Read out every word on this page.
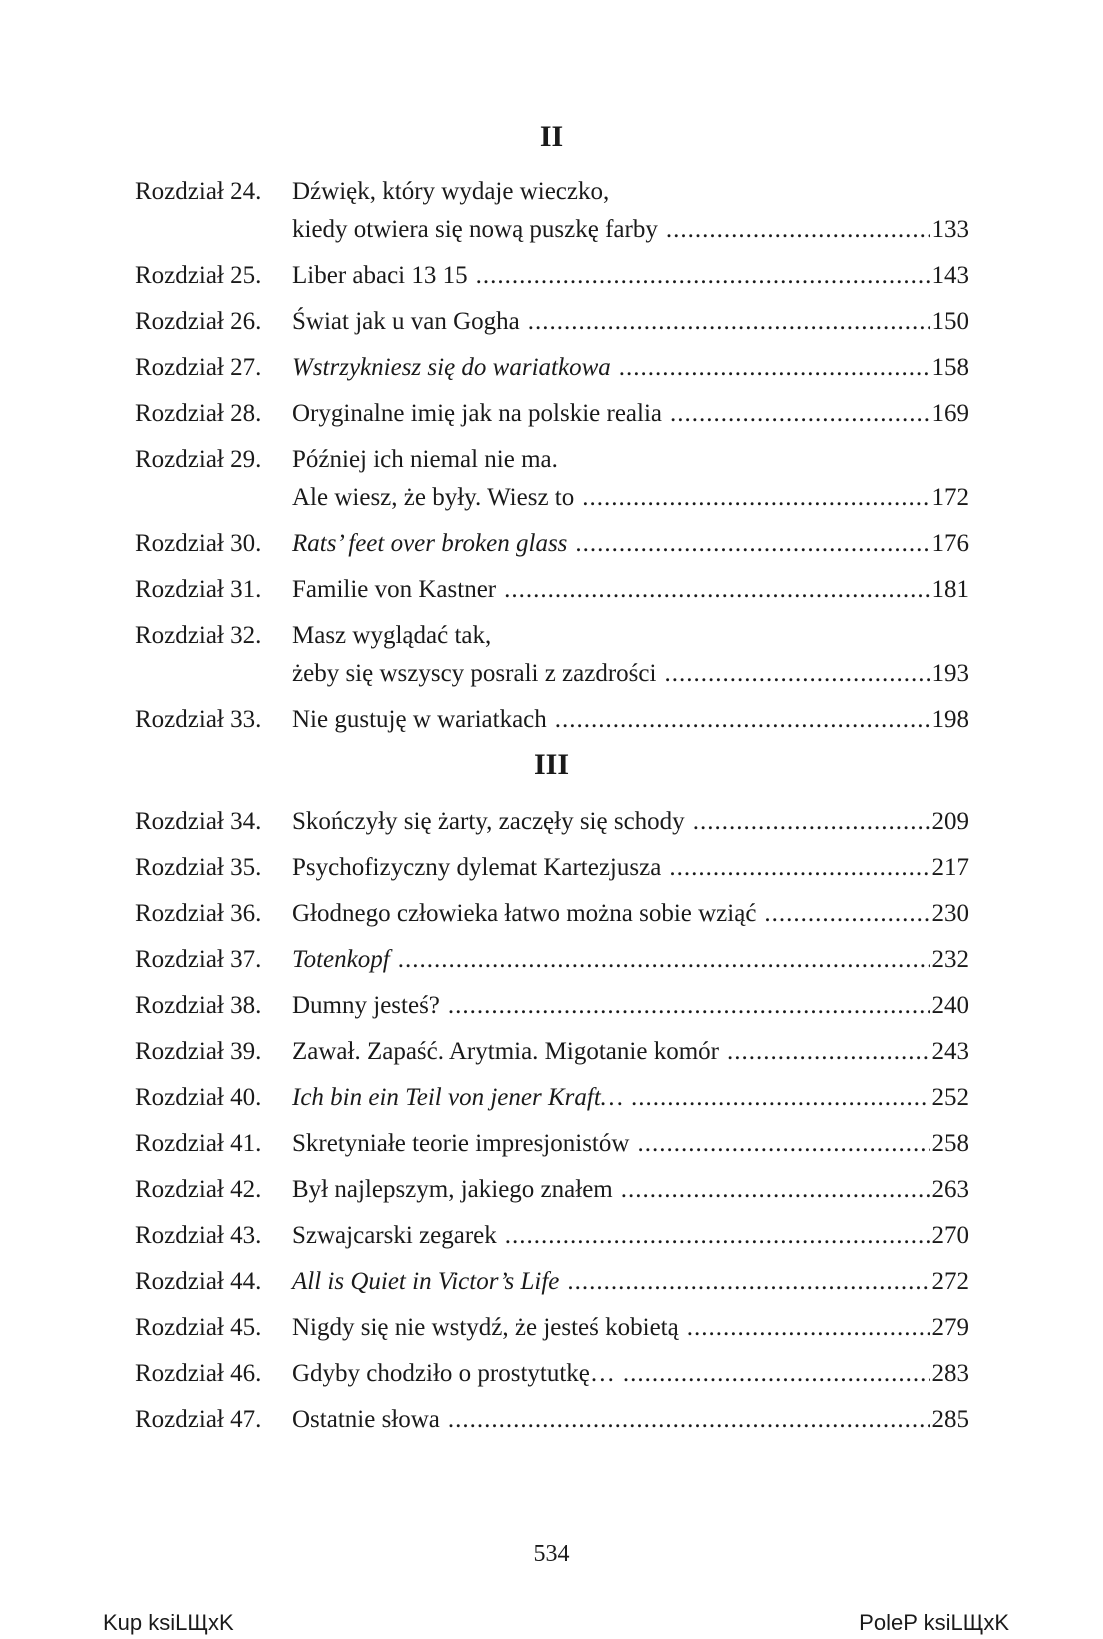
II
Rozdział 24. Dźwięk, który wydaje wieczko,
kiedy otwiera się nową puszkę farby .....	133
Rozdział 25. Liber abaci 13 15 .....	143
Rozdział 26. Świat jak u van Gogha .....	150
Rozdział 27. Wstrzykniesz się do wariatkowa .....	158
Rozdział 28. Oryginalne imię jak na polskie realia .....	169
Rozdział 29. Później ich niemal nie ma.
Ale wiesz, że były. Wiesz to .....	172
Rozdział 30. Rats’ feet over broken glass .....	176
Rozdział 31. Familie von Kastner .....	181
Rozdział 32. Masz wyglądać tak,
żeby się wszyscy posrali z zazdrości .....	193
Rozdział 33. Nie gustuję w wariatkach .....	198
III
Rozdział 34. Skończyły się żarty, zaczęły się schody .....	209
Rozdział 35. Psychofizyczny dylemat Kartezjusza .....	217
Rozdział 36. Głodnego człowieka łatwo można sobie wziąć .....	230
Rozdział 37. Totenkopf .....	232
Rozdział 38. Dumny jesteś? .....	240
Rozdział 39. Zawał. Zapaść. Arytmia. Migotanie komór .....	243
Rozdział 40. Ich bin ein Teil von jener Kraft… .....	252
Rozdział 41. Skretyniałe teorie impresjonistów .....	258
Rozdział 42. Był najlepszym, jakiego znałem .....	263
Rozdział 43. Szwajcarski zegarek .....	270
Rozdział 44. All is Quiet in Victor’s Life .....	272
Rozdział 45. Nigdy się nie wstydź, że jesteś kobietą .....	279
Rozdział 46. Gdyby chodziło o prostytutkę… .....	283
Rozdział 47. Ostatnie słowa .....	285

534

Kup ksiLЩxK	PoleP ksiLЩxK
